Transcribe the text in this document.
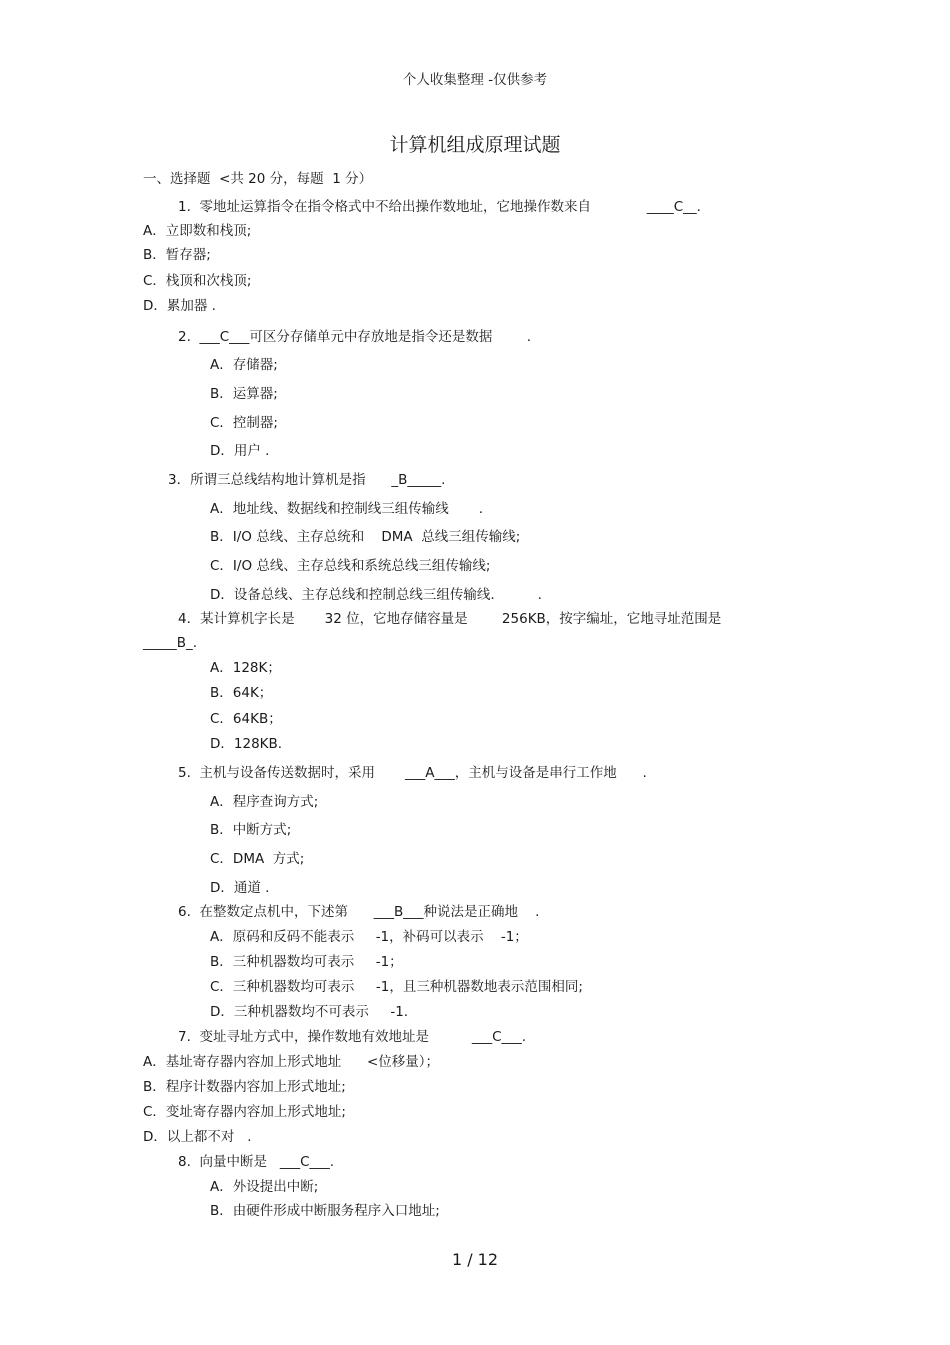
个人收集整理 -仅供参考
计算机组成原理试题
一、选择题  <共 20 分，每题  1 分）
1.  零地址运算指令在指令格式中不给出操作数地址，它地操作数来自             ____C__.
A．立即数和栈顶;
B．暂存器;
C．栈顶和次栈顶;
D．累加器 .
2.  ___C___可区分存储单元中存放地是指令还是数据        .
A．存储器;
B．运算器;
C．控制器;
D．用户 .
3．所谓三总线结构地计算机是指      _B_____.
A．地址线、数据线和控制线三组传输线       .
B．I/O 总线、主存总统和    DMA  总线三组传输线;
C．I/O 总线、主存总线和系统总线三组传输线;
D．设备总线、主存总线和控制总线三组传输线.          .
4．某计算机字长是       32 位，它地存储容量是        256KB，按字编址，它地寻址范围是
_____B_.
A．128K；
B．64K；
C．64KB；
D．128KB.
5.  主机与设备传送数据时，采用       ___A___，主机与设备是串行工作地      .
A．程序查询方式;
B．中断方式;
C．DMA  方式;
D．通道 .
6.  在整数定点机中，下述第      ___B___种说法是正确地    .
A．原码和反码不能表示     -1，补码可以表示    -1；
B．三种机器数均可表示     -1；
C．三种机器数均可表示     -1，且三种机器数地表示范围相同;
D．三种机器数均不可表示     -1.
7.  变址寻址方式中，操作数地有效地址是          ___C___.
A．基址寄存器内容加上形式地址      <位移量）；
B．程序计数器内容加上形式地址;
C．变址寄存器内容加上形式地址;
D．以上都不对   .
8.  向量中断是   ___C___.
A．外设提出中断;
B．由硬件形成中断服务程序入口地址;
1 / 12
